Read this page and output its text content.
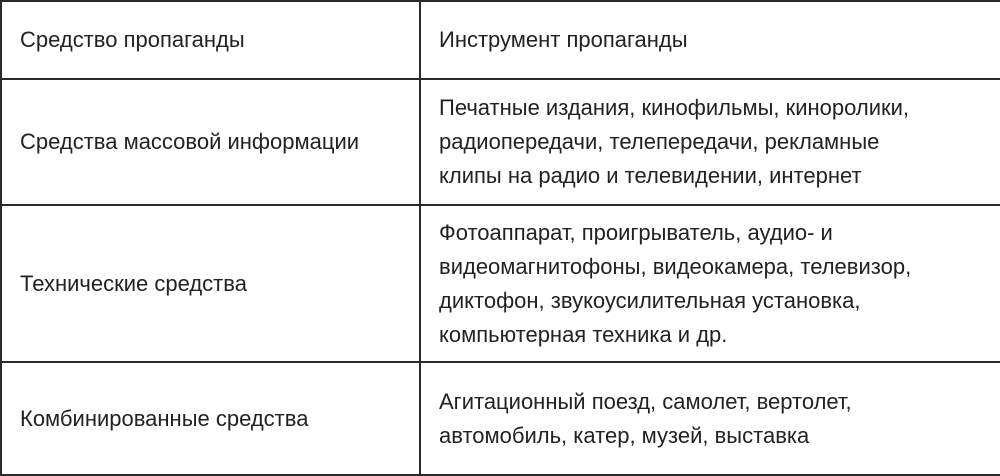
Средство пропаганды	Инструмент пропаганды
Средства массовой информации	Печатные издания, кинофильмы, киноролики,
радиопередачи, телепередачи, рекламные
клипы на радио и телевидении, интернет
Технические средства	Фотоаппарат, проигрыватель, аудио- и
видеомагнитофоны, видеокамера, телевизор,
диктофон, звукоусилительная установка,
компьютерная техника и др.
Комбинированные средства	Агитационный поезд, самолет, вертолет,
автомобиль, катер, музей, выставка
